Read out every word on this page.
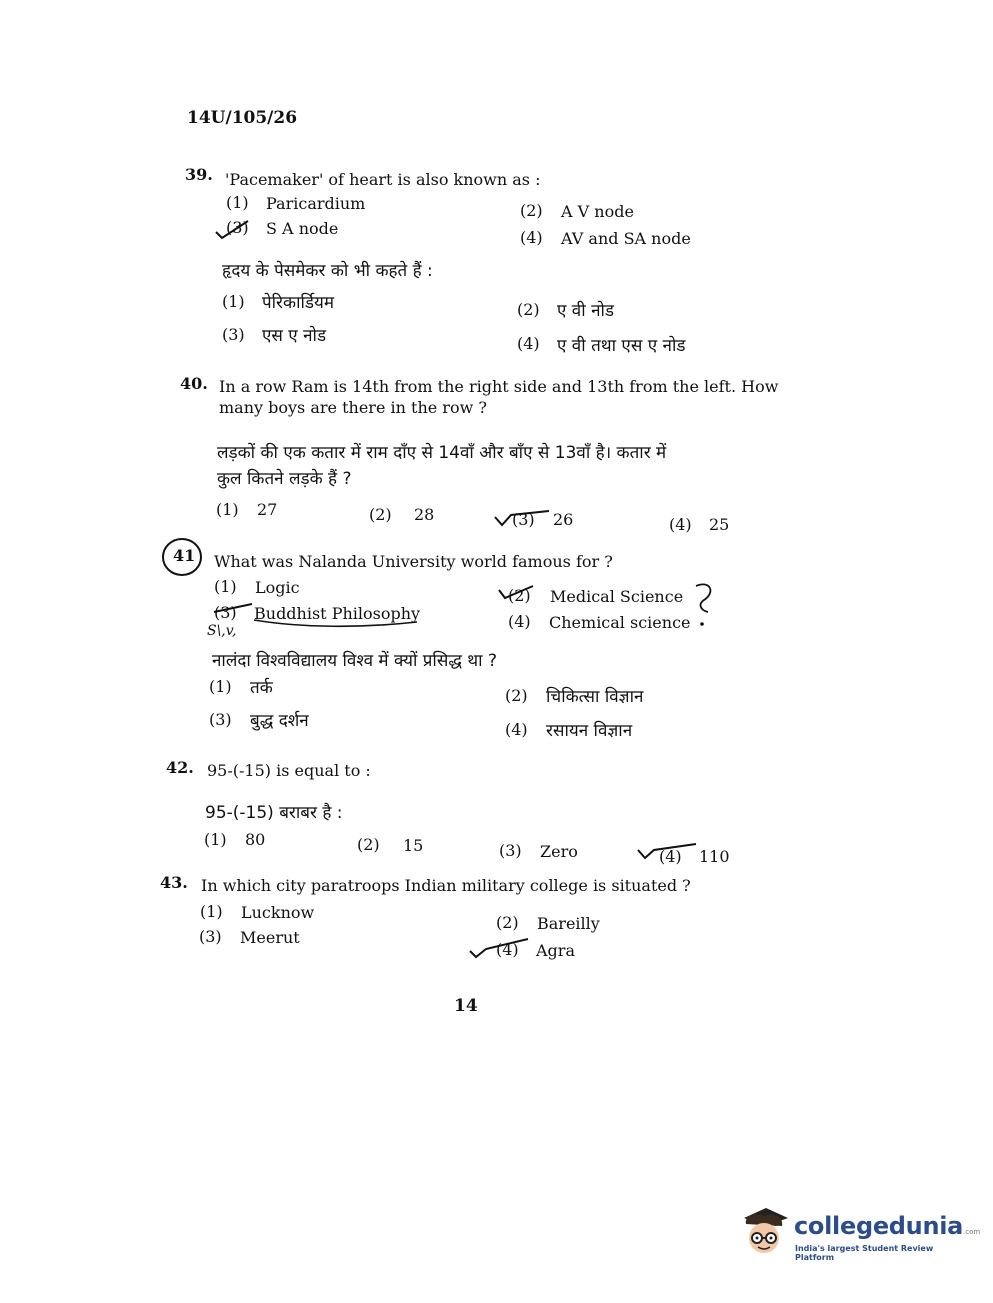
14U/105/26
39. 'Pacemaker' of heart is also known as :
(1) Paricardium	(2) A V node
(3) S A node	(4) AV and SA node
हृदय के पेसमेकर को भी कहते हैं :
(1) पेरिकार्डियम	(2) ए वी नोड
(3) एस ए नोड	(4) ए वी तथा एस ए नोड
40. In a row Ram is 14th from the right side and 13th from the left. How
many boys are there in the row ?
लड़कों की एक कतार में राम दाँए से 14वाँ और बाँए से 13वाँ है। कतार में
कुल कितने लड़के हैं ?
(1) 27	(2) 28	(3) 26	(4) 25
41 What was Nalanda University world famous for ?
(1) Logic	(2) Medical Science
(3) Buddhist Philosophy	(4) Chemical science
S\,v,
नालंदा विश्वविद्यालय विश्व में क्यों प्रसिद्ध था ?
(1) तर्क	(2) चिकित्सा विज्ञान
(3) बुद्ध दर्शन	(4) रसायन विज्ञान
42. 95-(-15) is equal to :
95-(-15) बराबर है :
(1) 80	(2) 15	(3) Zero	(4) 110
43. In which city paratroops Indian military college is situated ?
(1) Lucknow
(2) Bareilly
(3) Meerut
(4) Agra
14
collegedunia.com
India's largest Student Review Platform
